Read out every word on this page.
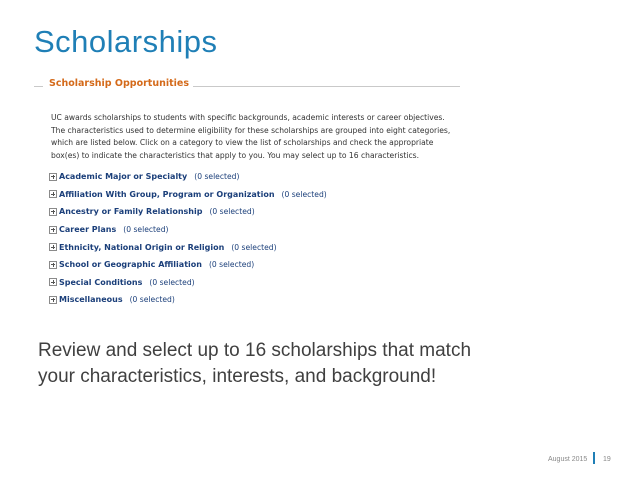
Scholarships
Scholarship Opportunities
UC awards scholarships to students with specific backgrounds, academic interests or career objectives.
The characteristics used to determine eligibility for these scholarships are grouped into eight categories,
which are listed below. Click on a category to view the list of scholarships and check the appropriate
box(es) to indicate the characteristics that apply to you. You may select up to 16 characteristics.
Academic Major or Specialty (0 selected)
Affiliation With Group, Program or Organization (0 selected)
Ancestry or Family Relationship (0 selected)
Career Plans (0 selected)
Ethnicity, National Origin or Religion (0 selected)
School or Geographic Affiliation (0 selected)
Special Conditions (0 selected)
Miscellaneous (0 selected)
Review and select up to 16 scholarships that match
your characteristics, interests, and background!
August 2015 19
